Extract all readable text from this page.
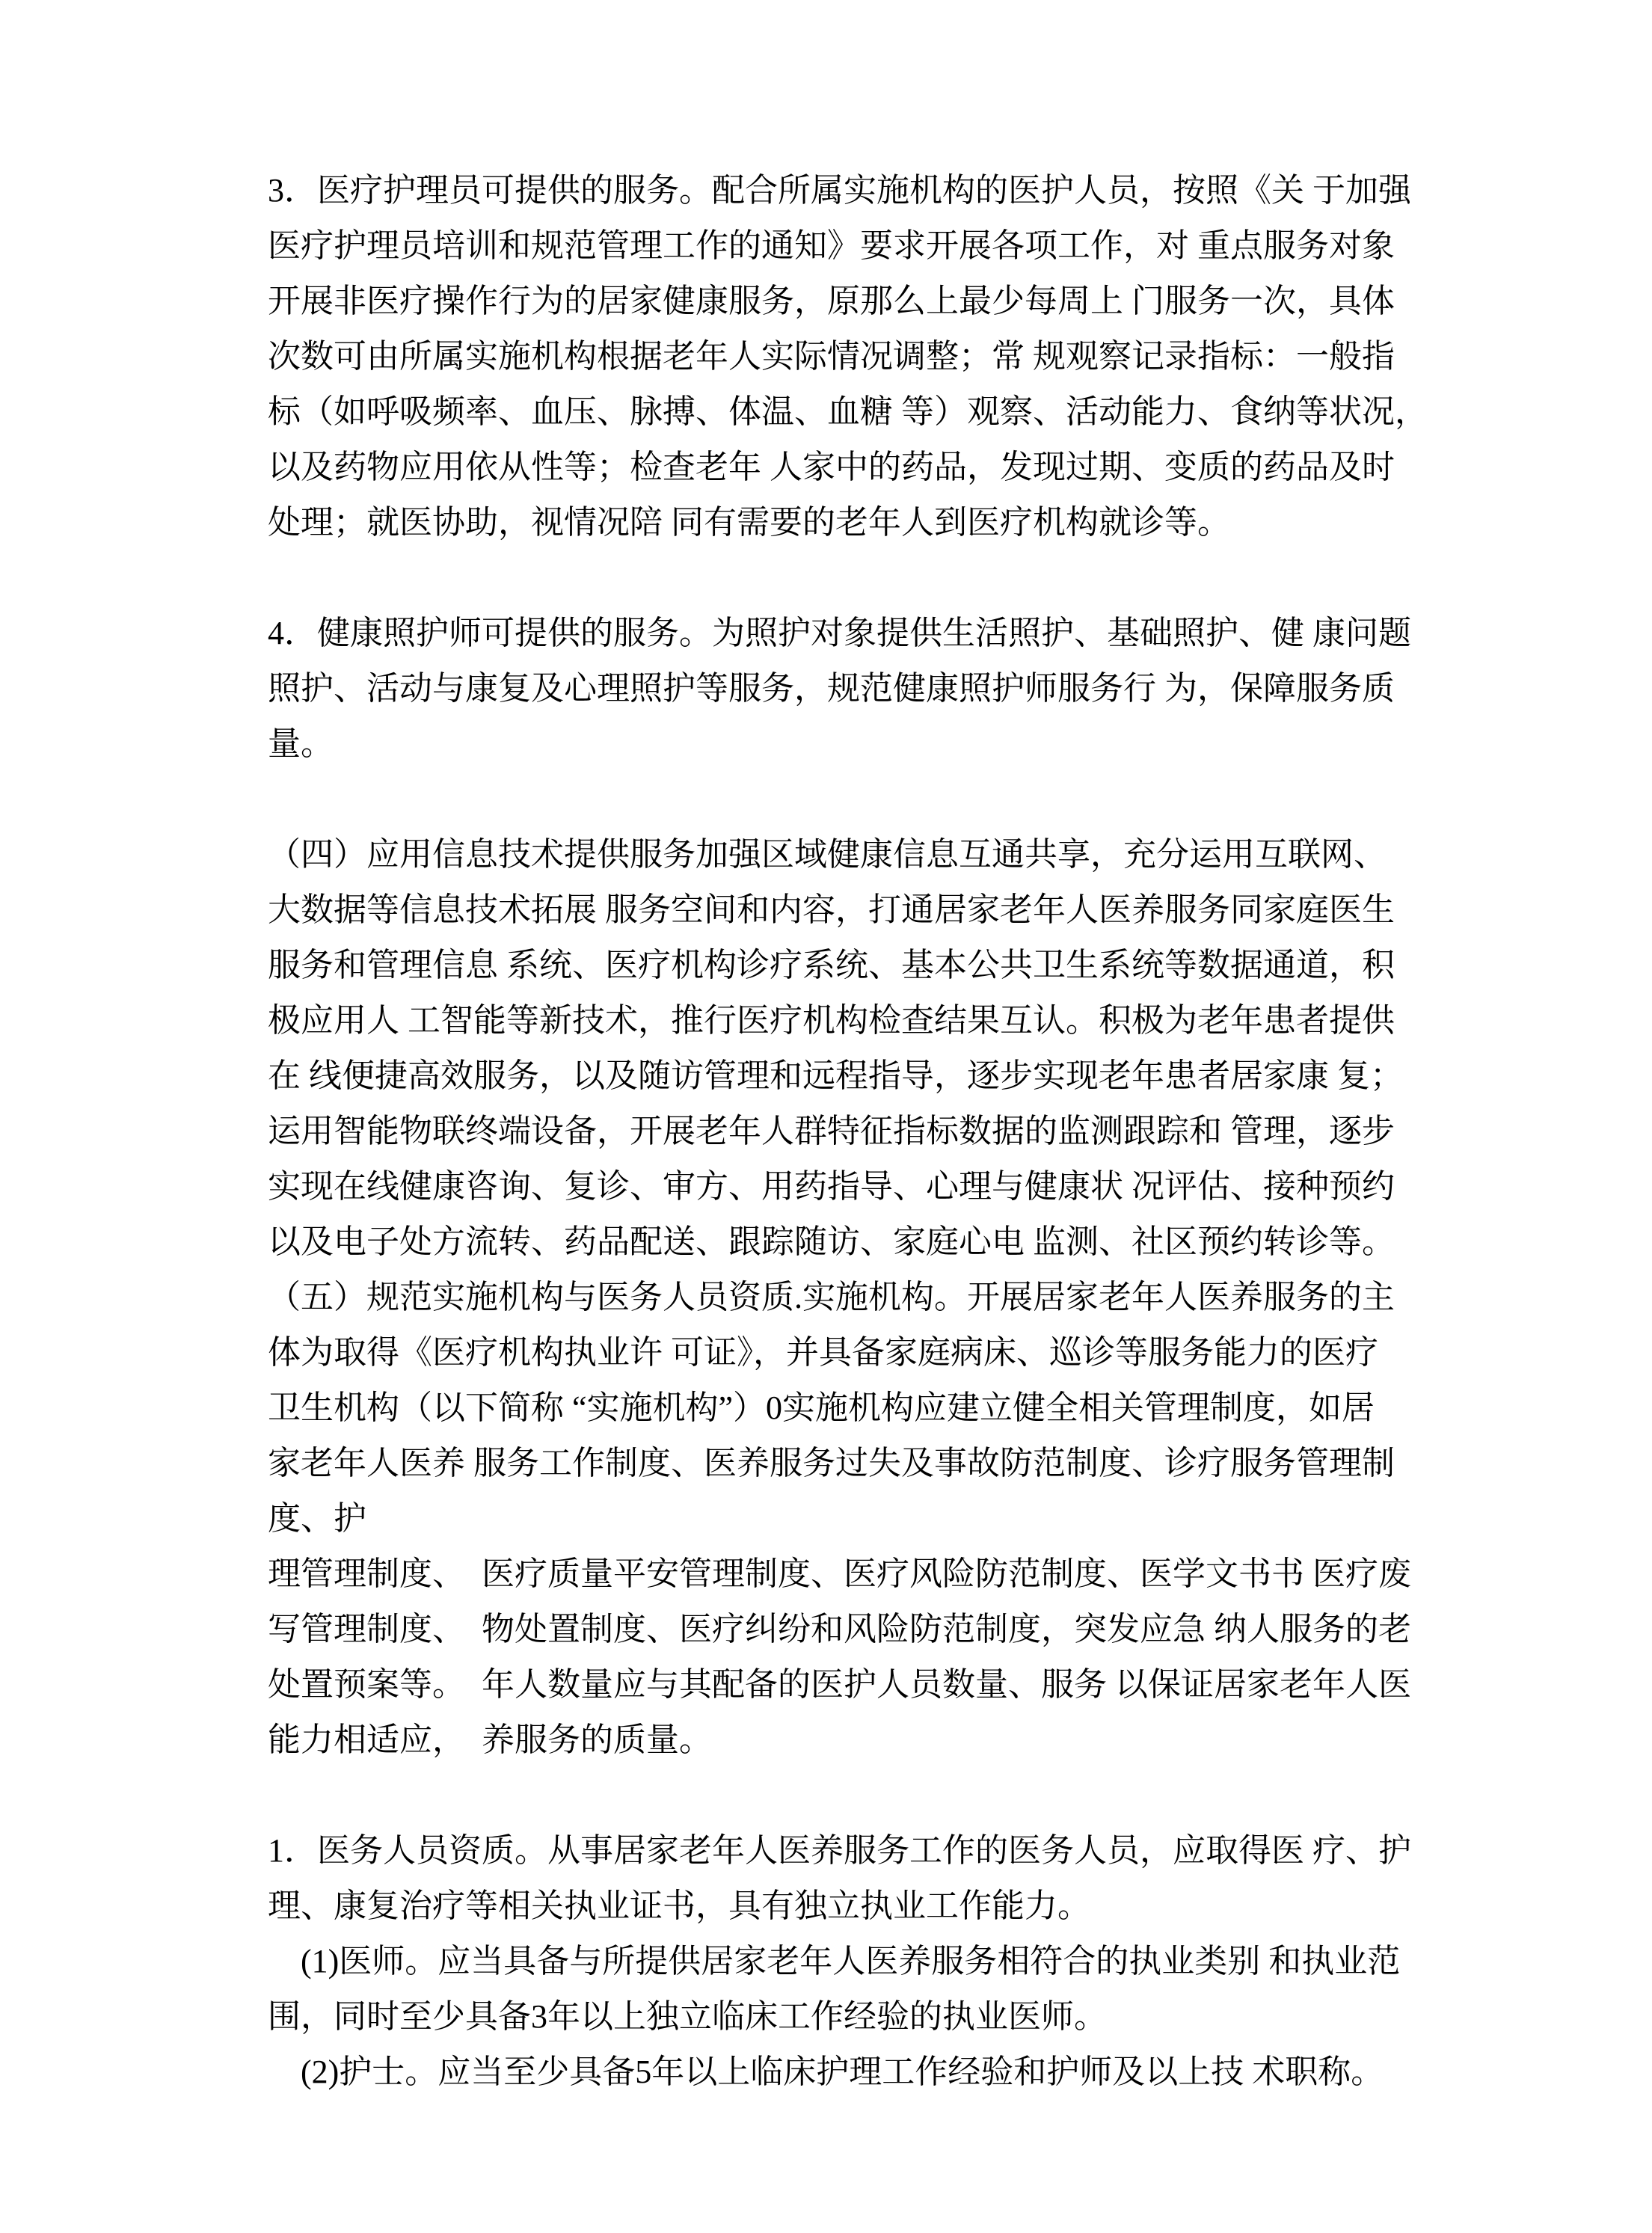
3．医疗护理员可提供的服务。配合所属实施机构的医护人员，按照《关 于加强
医疗护理员培训和规范管理工作的通知》要求开展各项工作，对 重点服务对象
开展非医疗操作行为的居家健康服务，原那么上最少每周上 门服务一次，具体
次数可由所属实施机构根据老年人实际情况调整；常 规观察记录指标：一般指
标（如呼吸频率、血压、脉搏、体温、血糖 等）观察、活动能力、食纳等状况，
以及药物应用依从性等；检查老年 人家中的药品，发现过期、变质的药品及时
处理；就医协助，视情况陪 同有需要的老年人到医疗机构就诊等。
4．健康照护师可提供的服务。为照护对象提供生活照护、基础照护、健 康问题
照护、活动与康复及心理照护等服务，规范健康照护师服务行 为，保障服务质
量。
（四）应用信息技术提供服务加强区域健康信息互通共享，充分运用互联网、
大数据等信息技术拓展 服务空间和内容，打通居家老年人医养服务同家庭医生
服务和管理信息 系统、医疗机构诊疗系统、基本公共卫生系统等数据通道，积
极应用人 工智能等新技术，推行医疗机构检查结果互认。积极为老年患者提供
在 线便捷高效服务，以及随访管理和远程指导，逐步实现老年患者居家康 复；
运用智能物联终端设备，开展老年人群特征指标数据的监测跟踪和 管理，逐步
实现在线健康咨询、复诊、审方、用药指导、心理与健康状 况评估、接种预约
以及电子处方流转、药品配送、跟踪随访、家庭心电 监测、社区预约转诊等。
（五）规范实施机构与医务人员资质.实施机构。开展居家老年人医养服务的主
体为取得《医疗机构执业许 可证》，并具备家庭病床、巡诊等服务能力的医疗
卫生机构（以下简称 “实施机构”）0实施机构应建立健全相关管理制度，如居
家老年人医养 服务工作制度、医养服务过失及事故防范制度、诊疗服务管理制
度、护
理管理制度、　医疗质量平安管理制度、医疗风险防范制度、医学文书书 医疗废
写管理制度、　物处置制度、医疗纠纷和风险防范制度，突发应急 纳人服务的老
处置预案等。　年人数量应与其配备的医护人员数量、服务 以保证居家老年人医
能力相适应，　养服务的质量。
1．医务人员资质。从事居家老年人医养服务工作的医务人员，应取得医 疗、护
理、康复治疗等相关执业证书，具有独立执业工作能力。
　(1)医师。应当具备与所提供居家老年人医养服务相符合的执业类别 和执业范
围，同时至少具备3年以上独立临床工作经验的执业医师。
　(2)护士。应当至少具备5年以上临床护理工作经验和护师及以上技 术职称。
